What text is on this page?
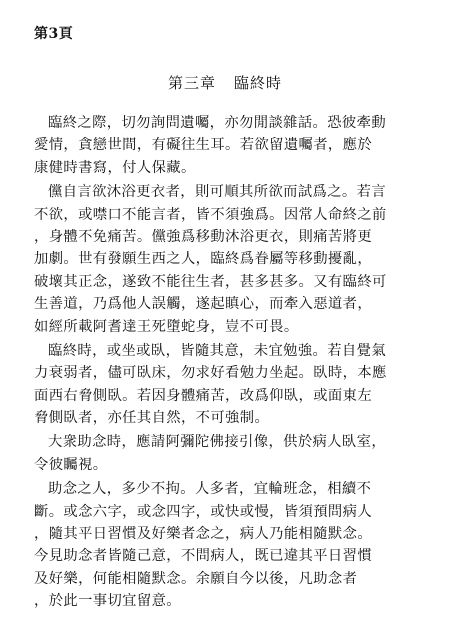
第3頁
第三章 臨終時
臨終之際，切勿詢問遺囑，亦勿閒談雜話。恐彼牽動
愛情，貪戀世間，有礙往生耳。若欲留遺囑者，應於
康健時書寫，付人保藏。
儻自言欲沐浴更衣者，則可順其所欲而試爲之。若言
不欲，或噤口不能言者，皆不須強爲。因常人命終之前
，身體不免痛苦。儻強爲移動沐浴更衣，則痛苦將更
加劇。世有發願生西之人，臨終爲眷屬等移動擾亂，
破壞其正念，遂致不能往生者，甚多甚多。又有臨終可
生善道，乃爲他人誤觸，遂起瞋心，而牽入惡道者，
如經所載阿耆達王死墮蛇身，豈不可畏。
臨終時，或坐或臥，皆隨其意，未宜勉強。若自覺氣
力衰弱者，儘可臥床，勿求好看勉力坐起。臥時，本應
面西右脅側臥。若因身體痛苦，改爲仰臥，或面東左
脅側臥者，亦任其自然，不可強制。
大衆助念時，應請阿彌陀佛接引像，供於病人臥室，
令彼矚視。
助念之人，多少不拘。人多者，宜輪班念，相續不
斷。或念六字，或念四字，或快或慢，皆須預問病人
，隨其平日習慣及好樂者念之，病人乃能相隨默念。
今見助念者皆隨己意，不問病人，既已違其平日習慣
及好樂，何能相隨默念。余願自今以後，凡助念者
，於此一事切宜留意。
